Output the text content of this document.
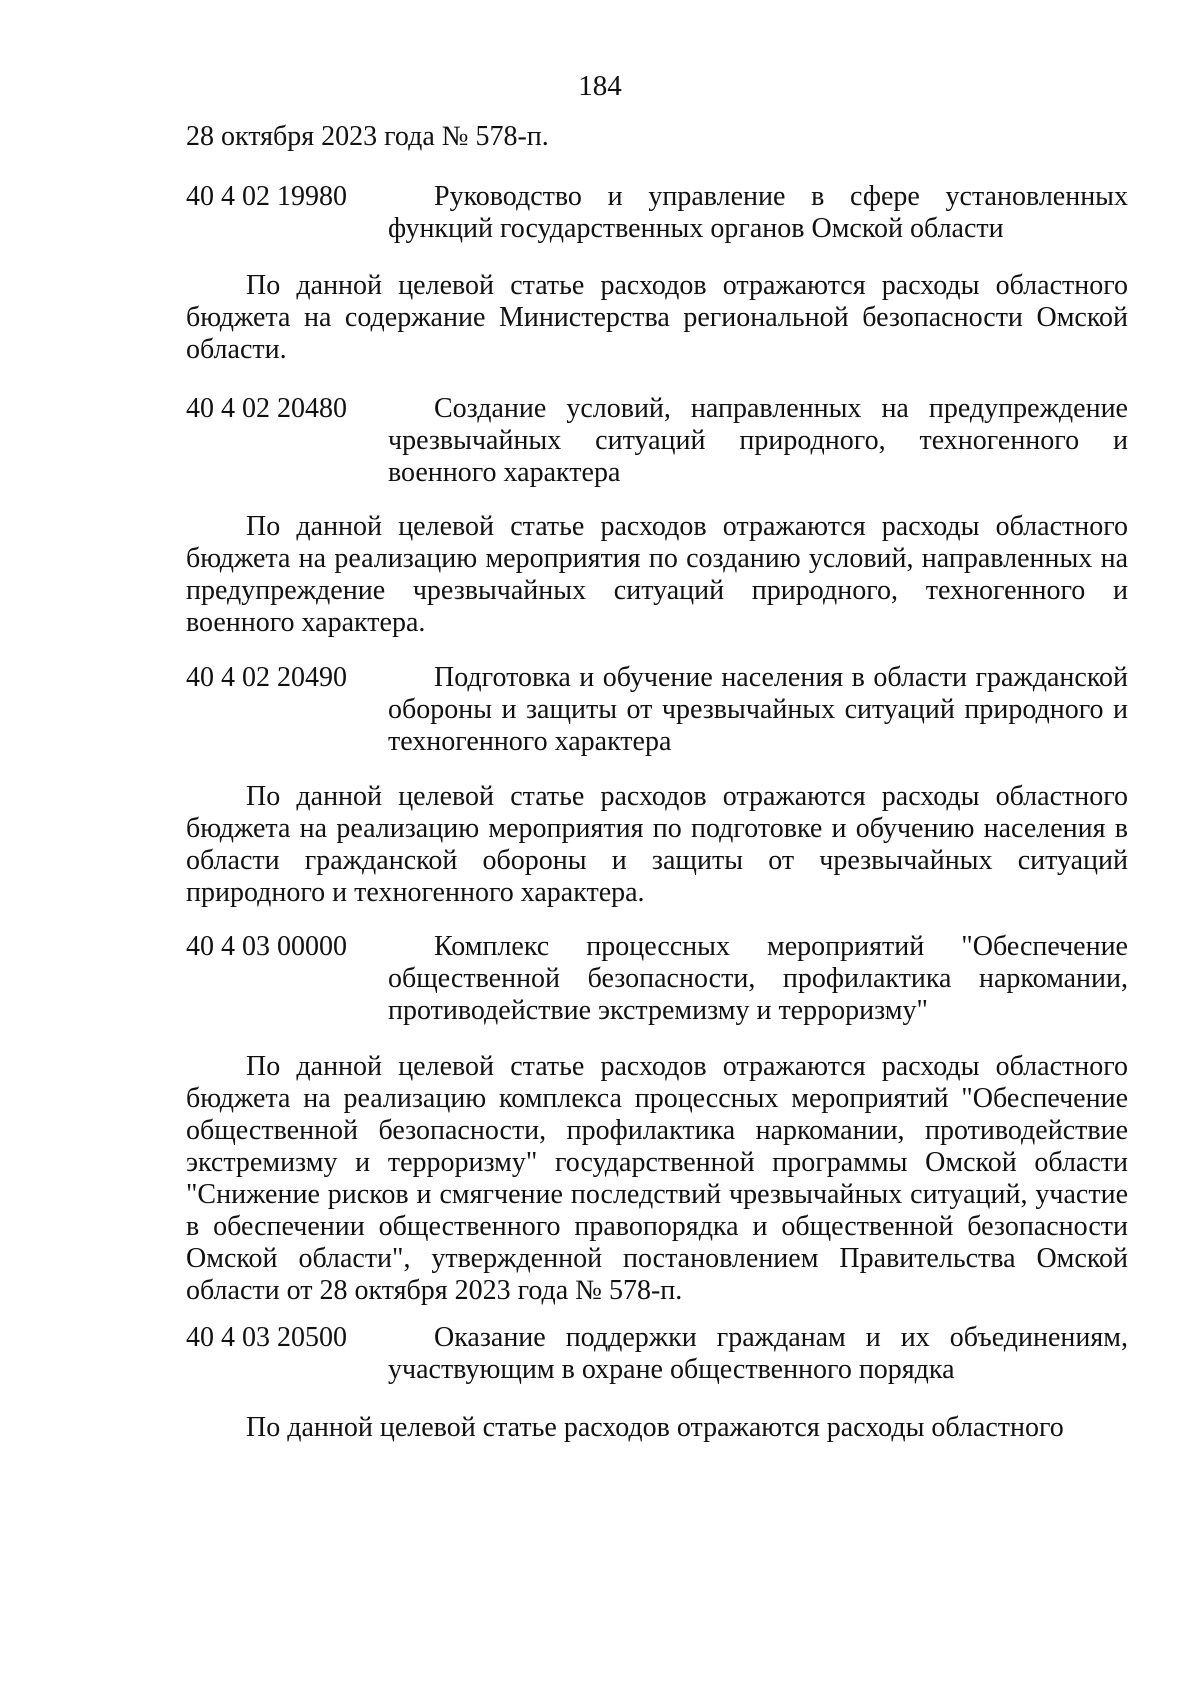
184
28 октября 2023 года № 578-п.
40 4 02 19980	Руководство и управление в сфере установленных функций государственных органов Омской области
По данной целевой статье расходов отражаются расходы областного бюджета на содержание Министерства региональной безопасности Омской области.
40 4 02 20480	Создание условий, направленных на предупреждение чрезвычайных ситуаций природного, техногенного и военного характера
По данной целевой статье расходов отражаются расходы областного бюджета на реализацию мероприятия по созданию условий, направленных на предупреждение чрезвычайных ситуаций природного, техногенного и военного характера.
40 4 02 20490	Подготовка и обучение населения в области гражданской обороны и защиты от чрезвычайных ситуаций природного и техногенного характера
По данной целевой статье расходов отражаются расходы областного бюджета на реализацию мероприятия по подготовке и обучению населения в области гражданской обороны и защиты от чрезвычайных ситуаций природного и техногенного характера.
40 4 03 00000	Комплекс процессных мероприятий "Обеспечение общественной безопасности, профилактика наркомании, противодействие экстремизму и терроризму"
По данной целевой статье расходов отражаются расходы областного бюджета на реализацию комплекса процессных мероприятий "Обеспечение общественной безопасности, профилактика наркомании, противодействие экстремизму и терроризму" государственной программы Омской области "Снижение рисков и смягчение последствий чрезвычайных ситуаций, участие в обеспечении общественного правопорядка и общественной безопасности Омской области", утвержденной постановлением Правительства Омской области от 28 октября 2023 года № 578-п.
40 4 03 20500	Оказание поддержки гражданам и их объединениям, участвующим в охране общественного порядка
По данной целевой статье расходов отражаются расходы областного
